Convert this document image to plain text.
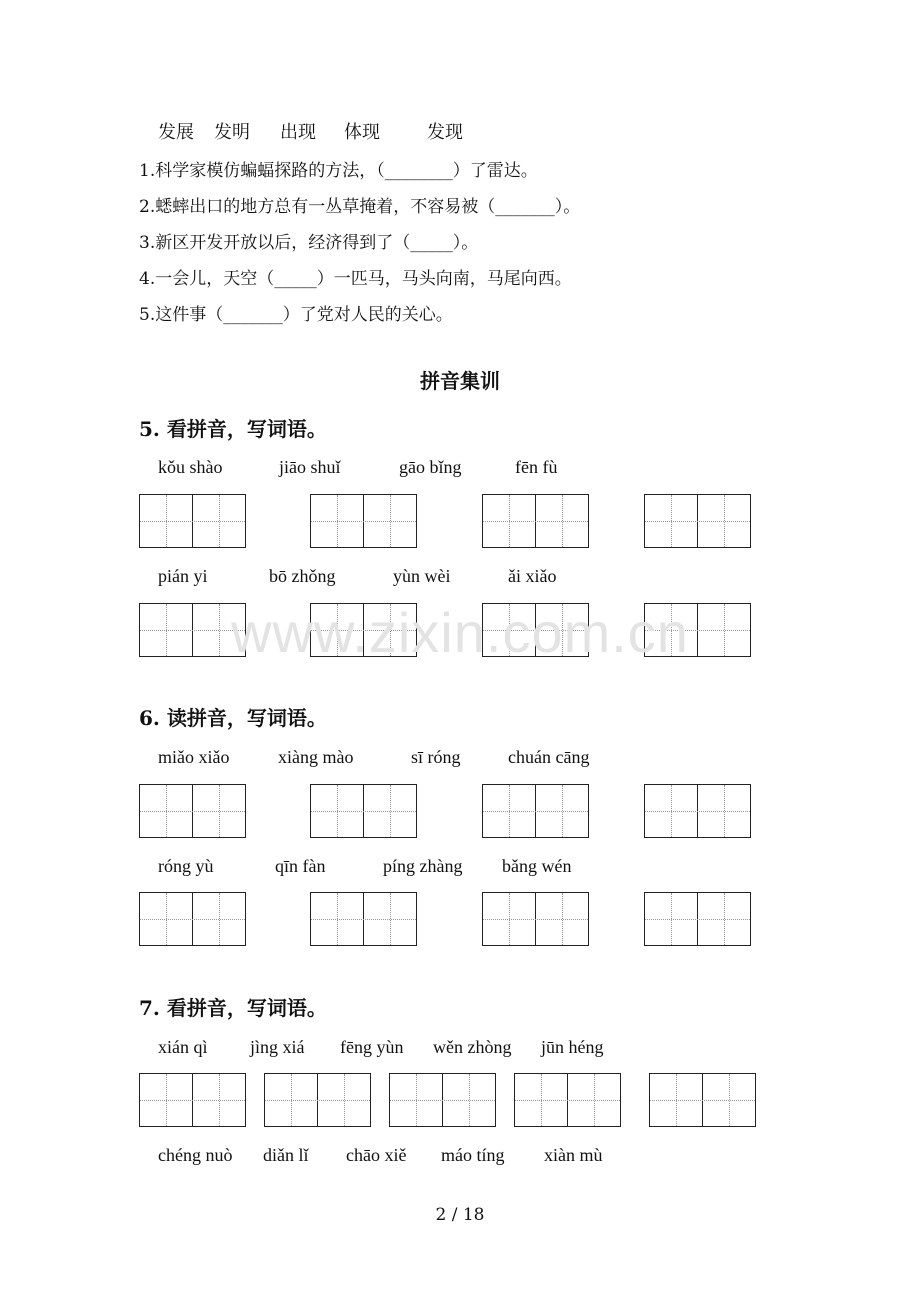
发展 发明 出现 体现	发现
1.科学家模仿蝙蝠探路的方法，（________）了雷达。
2.蟋蟀出口的地方总有一丛草掩着，不容易被（_______）。
3.新区开发开放以后，经济得到了（_____）。
4.一会儿，天空（_____）一匹马，马头向南，马尾向西。
5.这件事（_______）了党对人民的关心。
拼音集训
5. 看拼音，写词语。
kǒu shào	jiāo shuǐ	gāo bǐng	fēn fù
pián yi	bō zhǒng	yùn wèi	ǎi xiǎo
www.zixin.com.cn
6. 读拼音，写词语。
miǎo xiǎo	xiàng mào	sī róng	chuán cāng
róng yù	qīn fàn	píng zhàng bǎng wén
7. 看拼音，写词语。
xián qì jìng xiá fēng yùn wěn zhòng jūn héng
chéng nuò diǎn lǐ chāo xiě máo tíng xiàn mù
2 / 18
